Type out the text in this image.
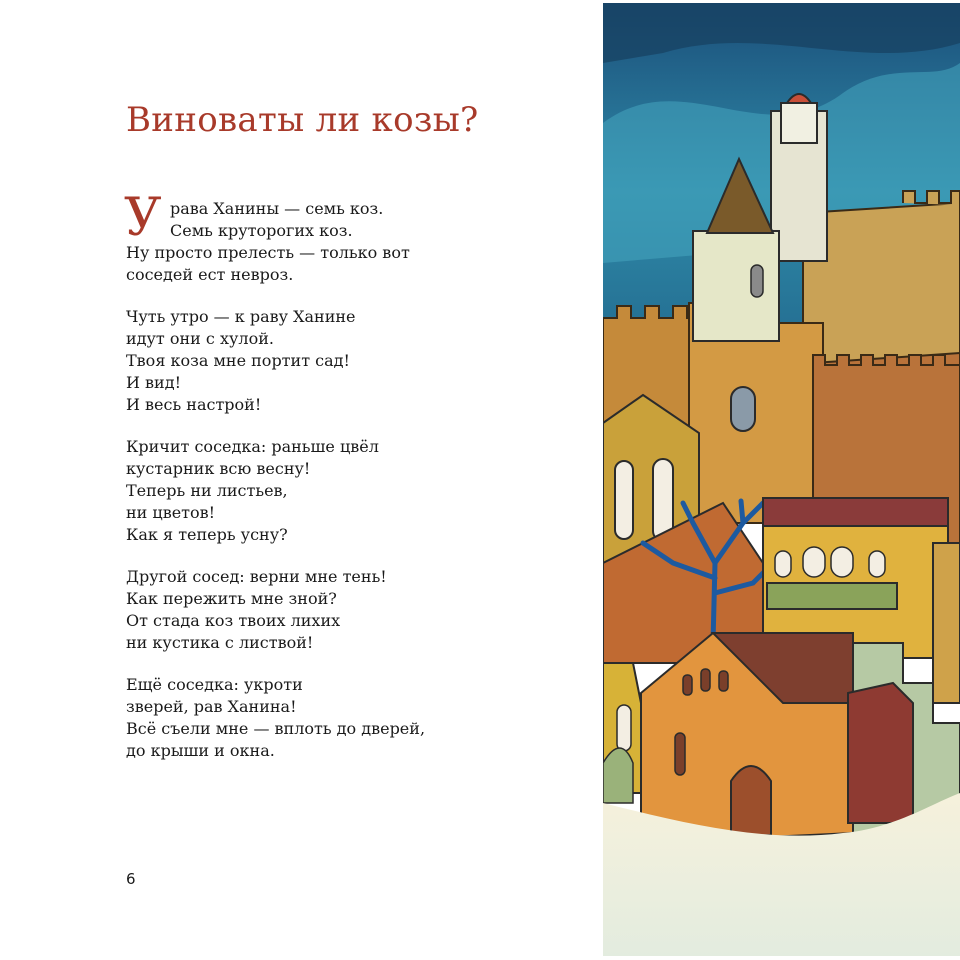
Виноваты ли козы?
У рава Ханины — семь коз.
Семь круторогих коз.
Ну просто прелесть — только вот
соседей ест невроз.
Чуть утро — к раву Ханине
идут они с хулой.
Твоя коза мне портит сад!
И вид!
И весь настрой!
Кричит соседка: раньше цвёл
кустарник всю весну!
Теперь ни листьев,
ни цветов!
Как я теперь усну?
Другой сосед: верни мне тень!
Как пережить мне зной?
От стада коз твоих лихих
ни кустика с листвой!
Ещё соседка: укроти
зверей, рав Ханина!
Всё съели мне — вплоть до дверей,
до крыши и окна.
6
